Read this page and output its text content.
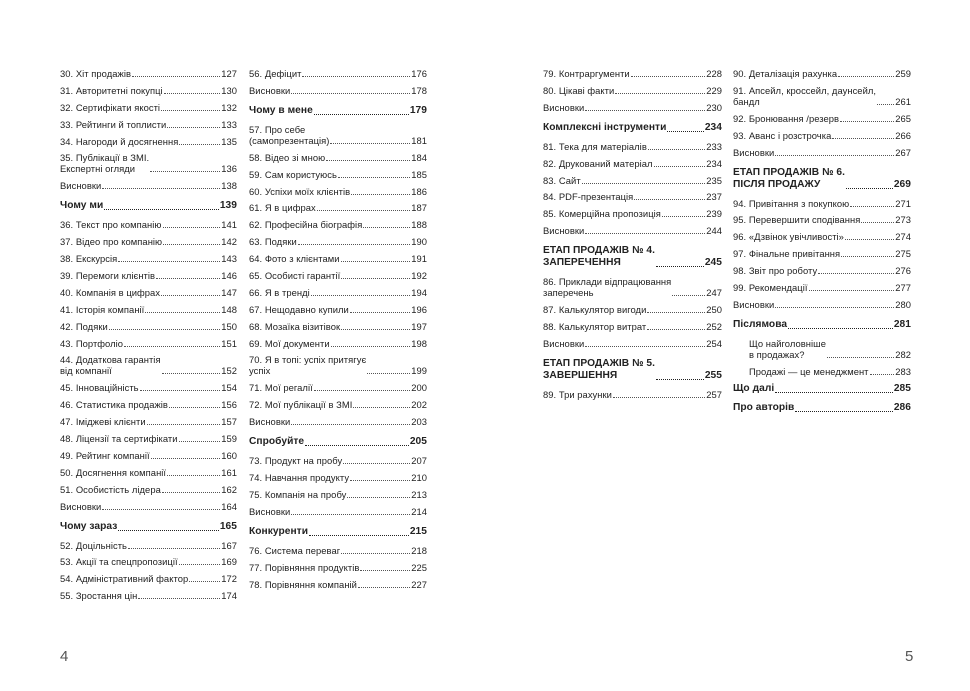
30. Хіт продажів	127
31. Авторитетні покупці	130
32. Сертифікати якості	132
33. Рейтинги й топлисти	133
34. Нагороди й досягнення	135
35. Публікації в ЗМІ.
Експертні огляди	136
Висновки	138
Чому ми	139
36. Текст про компанію	141
37. Відео про компанію	142
38. Екскурсія	143
39. Перемоги клієнтів	146
40. Компанія в цифрах	147
41. Історія компанії	148
42. Подяки	150
43. Портфоліо	151
44. Додаткова гарантія
від компанії	152
45. Інноваційність	154
46. Статистика продажів	156
47. Іміджеві клієнти	157
48. Ліцензії та сертифікати	159
49. Рейтинг компанії	160
50. Досягнення компанії	161
51. Особистість лідера	162
Висновки	164
Чому зараз	165
52. Доцільність	167
53. Акції та спецпропозиції	169
54. Адміністративний фактор	172
55. Зростання цін	174
56. Дефіцит	176
Висновки	178
Чому в мене	179
57. Про себе
(самопрезентація)	181
58. Відео зі мною	184
59. Сам користуюсь	185
60. Успіхи моїх клієнтів	186
61. Я в цифрах	187
62. Професійна біографія	188
63. Подяки	190
64. Фото з клієнтами	191
65. Особисті гарантії	192
66. Я в тренді	194
67. Нещодавно купили	196
68. Мозаїка візитівок	197
69. Мої документи	198
70. Я в топі: успіх притягує
успіх	199
71. Мої регалії	200
72. Мої публікації в ЗМІ	202
Висновки	203
Спробуйте	205
73. Продукт на пробу	207
74. Навчання продукту	210
75. Компанія на пробу	213
Висновки	214
Конкуренти	215
76. Система переваг	218
77. Порівняння продуктів	225
78. Порівняння компаній	227
79. Контраргументи	228
80. Цікаві факти	229
Висновки	230
Комплексні інструменти	234
81. Тека для матеріалів	233
82. Друкований матеріал	234
83. Сайт	235
84. PDF-презентація	237
85. Комерційна пропозиція	239
Висновки	244
ЕТАП ПРОДАЖІВ № 4.
ЗАПЕРЕЧЕННЯ	245
86. Приклади відпрацювання
заперечень	247
87. Калькулятор вигоди	250
88. Калькулятор витрат	252
Висновки	254
ЕТАП ПРОДАЖІВ № 5.
ЗАВЕРШЕННЯ	255
89. Три рахунки	257
90. Деталізація рахунка	259
91. Апсейл, кроссейл, даунсейл,
бандл	261
92. Бронювання /резерв	265
93. Аванс і розстрочка	266
Висновки	267
ЕТАП ПРОДАЖІВ № 6.
ПІСЛЯ ПРОДАЖУ	269
94. Привітання з покупкою	271
95. Перевершити сподівання	273
96. «Дзвінок увічливості»	274
97. Фінальне привітання	275
98. Звіт про роботу	276
99. Рекомендації	277
Висновки	280
Післямова	281
Що найголовніше
в продажах?	282
Продажі — це менеджмент	283
Що далі	285
Про авторів	286
4	5
